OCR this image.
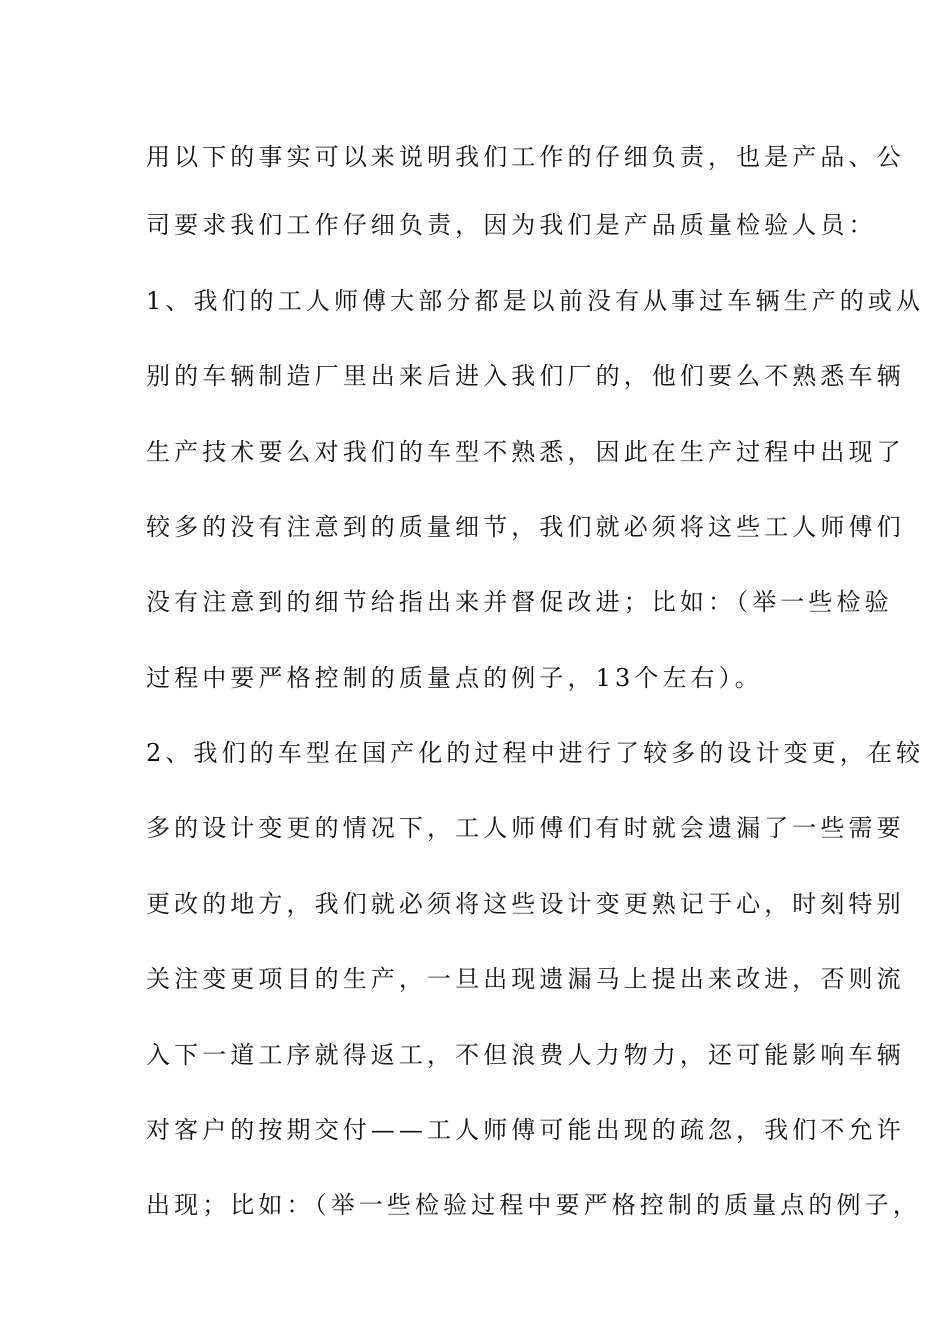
用以下的事实可以来说明我们工作的仔细负责，也是产品、公
司要求我们工作仔细负责，因为我们是产品质量检验人员：
1、我们的工人师傅大部分都是以前没有从事过车辆生产的或从
别的车辆制造厂里出来后进入我们厂的，他们要么不熟悉车辆
生产技术要么对我们的车型不熟悉，因此在生产过程中出现了
较多的没有注意到的质量细节，我们就必须将这些工人师傅们
没有注意到的细节给指出来并督促改进；比如：（举一些检验
过程中要严格控制的质量点的例子，13个左右）。
2、我们的车型在国产化的过程中进行了较多的设计变更，在较
多的设计变更的情况下，工人师傅们有时就会遗漏了一些需要
更改的地方，我们就必须将这些设计变更熟记于心，时刻特别
关注变更项目的生产，一旦出现遗漏马上提出来改进，否则流
入下一道工序就得返工，不但浪费人力物力，还可能影响车辆
对客户的按期交付——工人师傅可能出现的疏忽，我们不允许
出现；比如：（举一些检验过程中要严格控制的质量点的例子，
